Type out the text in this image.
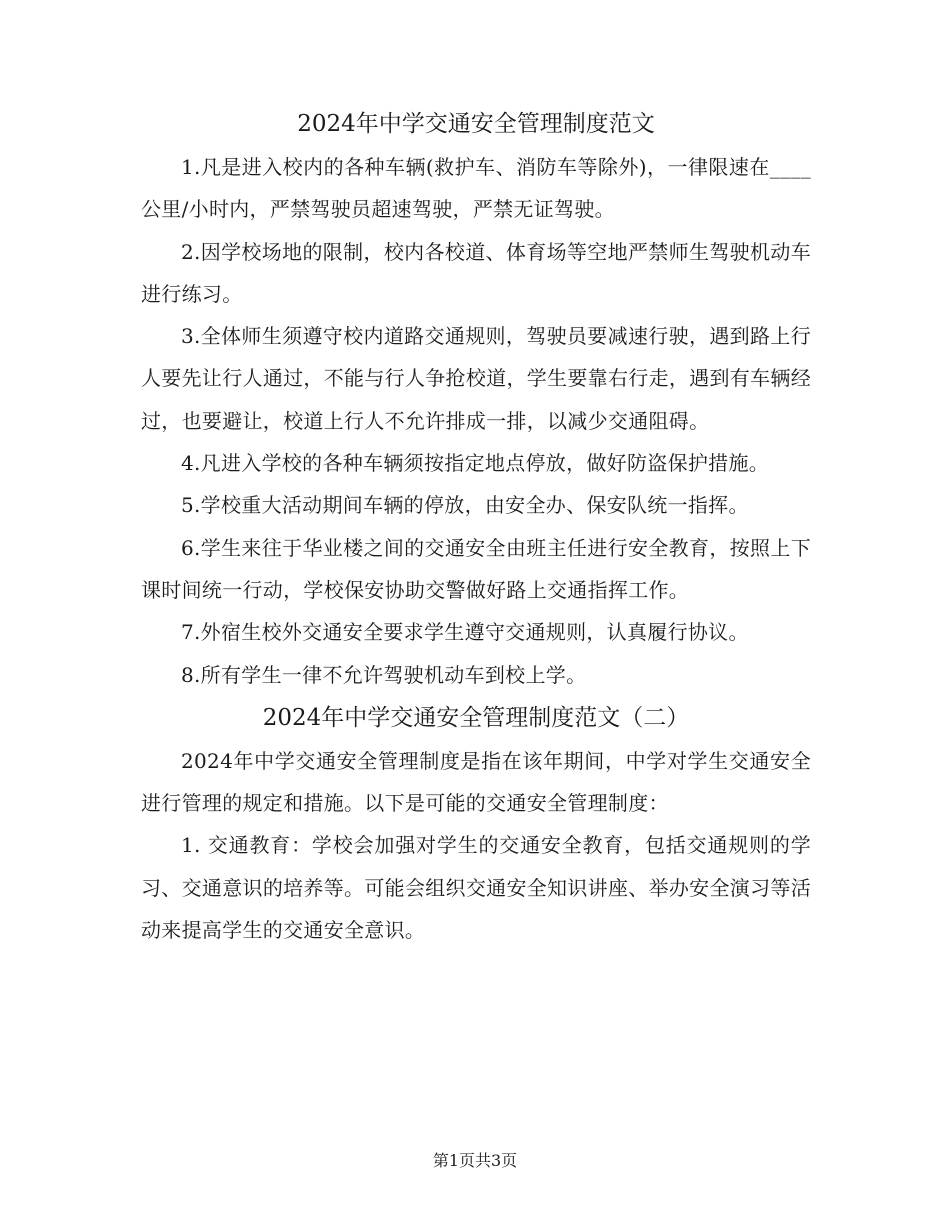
2024年中学交通安全管理制度范文

1.凡是进入校内的各种车辆(救护车、消防车等除外)，一律限速在____公里/小时内，严禁驾驶员超速驾驶，严禁无证驾驶。

2.因学校场地的限制，校内各校道、体育场等空地严禁师生驾驶机动车进行练习。

3.全体师生须遵守校内道路交通规则，驾驶员要减速行驶，遇到路上行人要先让行人通过，不能与行人争抢校道，学生要靠右行走，遇到有车辆经过，也要避让，校道上行人不允许排成一排，以减少交通阻碍。

4.凡进入学校的各种车辆须按指定地点停放，做好防盗保护措施。

5.学校重大活动期间车辆的停放，由安全办、保安队统一指挥。

6.学生来往于华业楼之间的交通安全由班主任进行安全教育，按照上下课时间统一行动，学校保安协助交警做好路上交通指挥工作。

7.外宿生校外交通安全要求学生遵守交通规则，认真履行协议。

8.所有学生一律不允许驾驶机动车到校上学。

2024年中学交通安全管理制度范文（二）

2024年中学交通安全管理制度是指在该年期间，中学对学生交通安全进行管理的规定和措施。以下是可能的交通安全管理制度：

1. 交通教育：学校会加强对学生的交通安全教育，包括交通规则的学习、交通意识的培养等。可能会组织交通安全知识讲座、举办安全演习等活动来提高学生的交通安全意识。

第1页共3页
